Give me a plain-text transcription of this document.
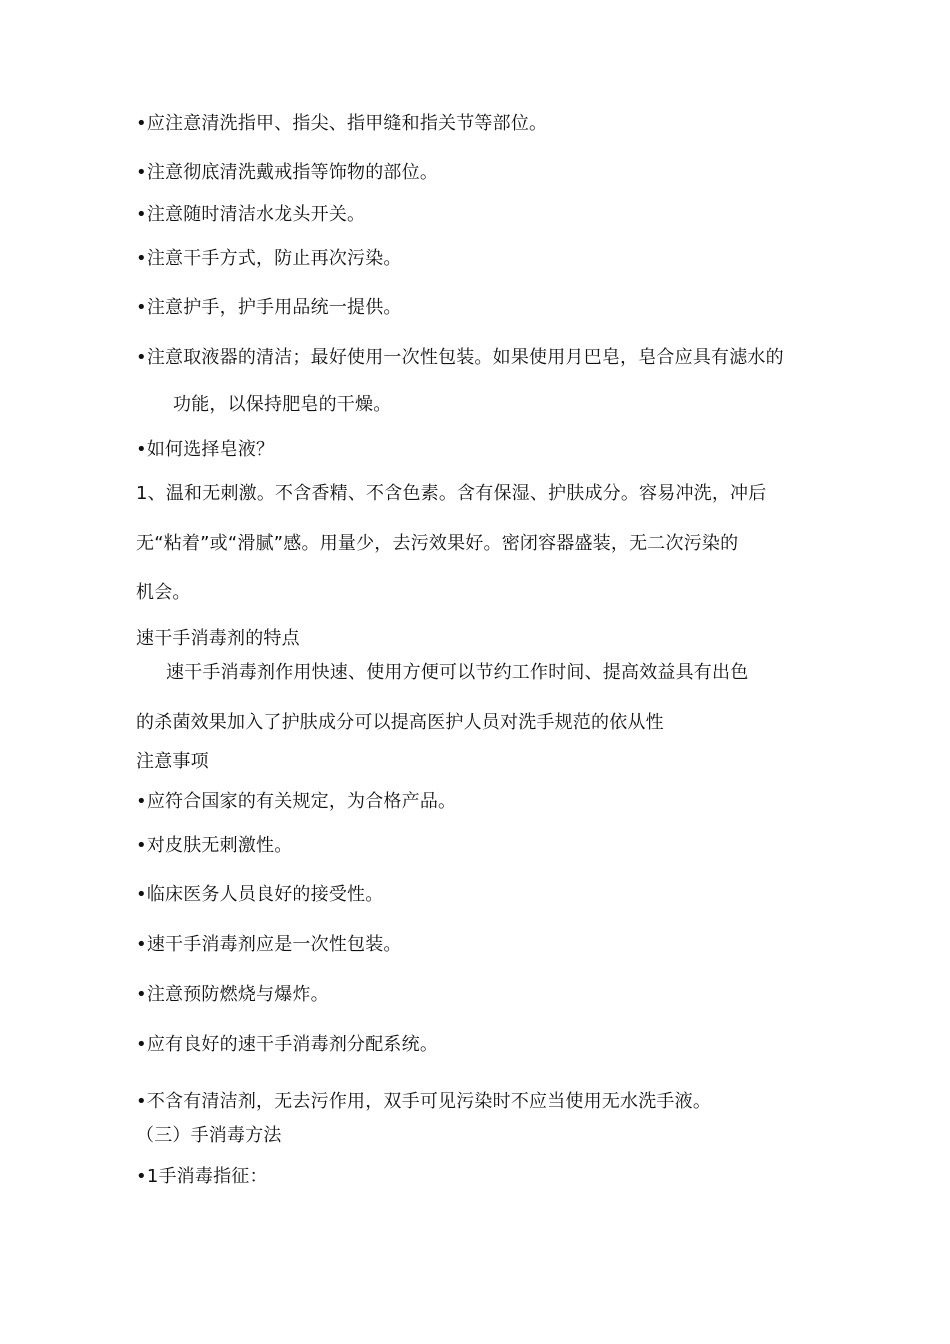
•应注意清洗指甲、指尖、指甲缝和指关节等部位。
•注意彻底清洗戴戒指等饰物的部位。
•注意随时清洁水龙头开关。
•注意干手方式，防止再次污染。
•注意护手，护手用品统一提供。
•注意取液器的清洁；最好使用一次性包装。如果使用月巴皂，皂合应具有滤水的
功能，以保持肥皂的干燥。
•如何选择皂液？
1、温和无刺激。不含香精、不含色素。含有保湿、护肤成分。容易冲洗，冲后
无“粘着”或“滑腻”感。用量少，去污效果好。密闭容器盛装，无二次污染的
机会。
速干手消毒剂的特点
速干手消毒剂作用快速、使用方便可以节约工作时间、提高效益具有出色
的杀菌效果加入了护肤成分可以提高医护人员对洗手规范的依从性
注意事项
•应符合国家的有关规定，为合格产品。
•对皮肤无刺激性。
•临床医务人员良好的接受性。
•速干手消毒剂应是一次性包装。
•注意预防燃烧与爆炸。
•应有良好的速干手消毒剂分配系统。
•不含有清洁剂，无去污作用，双手可见污染时不应当使用无水洗手液。
（三）手消毒方法
•1手消毒指征：
